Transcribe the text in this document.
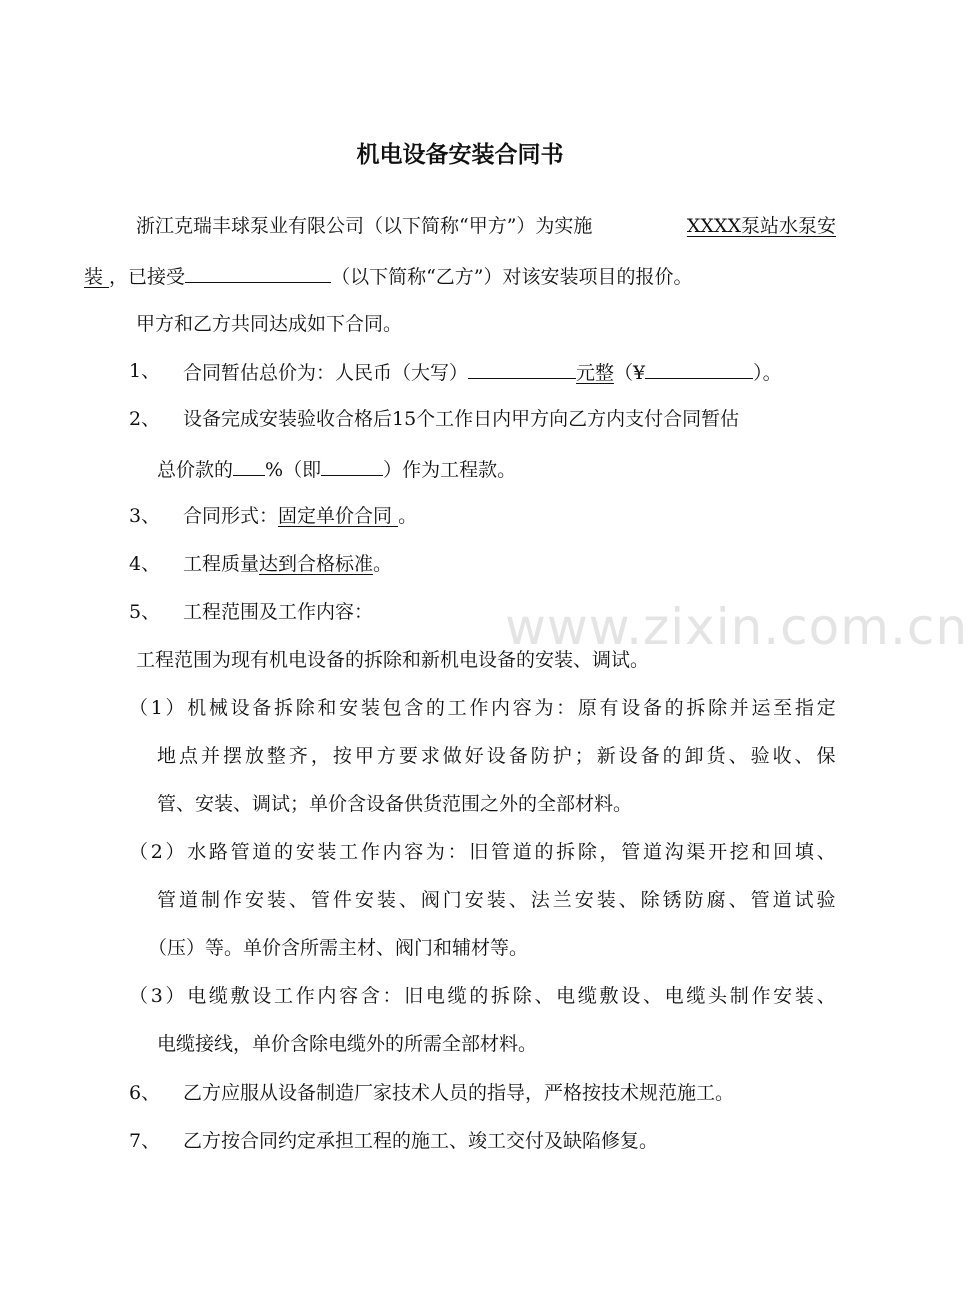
机电设备安装合同书
www.zixin.com.cn
浙江克瑞丰球泵业有限公司（以下简称“甲方”）为实施	XXXX泵站水泵安
装 ，已接受	（以下简称“乙方”）对该安装项目的报价。
甲方和乙方共同达成如下合同。
1、 合同暂估总价为：人民币（大写）	元整（¥	）。
2、 设备完成安装验收合格后15个工作日内甲方向乙方内支付合同暂估
总价款的 %（即	）作为工程款。
3、 合同形式：固定单价合同 。
4、 工程质量达到合格标准。
5、 工程范围及工作内容：
工程范围为现有机电设备的拆除和新机电设备的安装、调试。
（ 1 ） 机 械 设 备 拆 除 和 安 装 包 含 的 工 作 内 容 为 ： 原 有 设 备 的 拆 除 并 运 至 指 定
地 点 并 摆 放 整 齐 ， 按 甲 方 要 求 做 好 设 备 防 护 ； 新 设 备 的 卸 货 、 验 收 、 保
管、安装、调试；单价含设备供货范围之外的全部材料。
（ 2 ） 水 路 管 道 的 安 装 工 作 内 容 为 ： 旧 管 道 的 拆 除 ， 管 道 沟 渠 开 挖 和 回 填 、
管 道 制 作 安 装 、 管 件 安 装 、 阀 门 安 装 、 法 兰 安 装 、 除 锈 防 腐 、 管 道 试 验
（压）等。单价含所需主材、阀门和辅材等。
（ 3 ） 电 缆 敷 设 工 作 内 容 含 ： 旧 电 缆 的 拆 除 、 电 缆 敷 设 、 电 缆 头 制 作 安 装 、
电缆接线，单价含除电缆外的所需全部材料。
6、 乙方应服从设备制造厂家技术人员的指导，严格按技术规范施工。
7、 乙方按合同约定承担工程的施工、竣工交付及缺陷修复。
